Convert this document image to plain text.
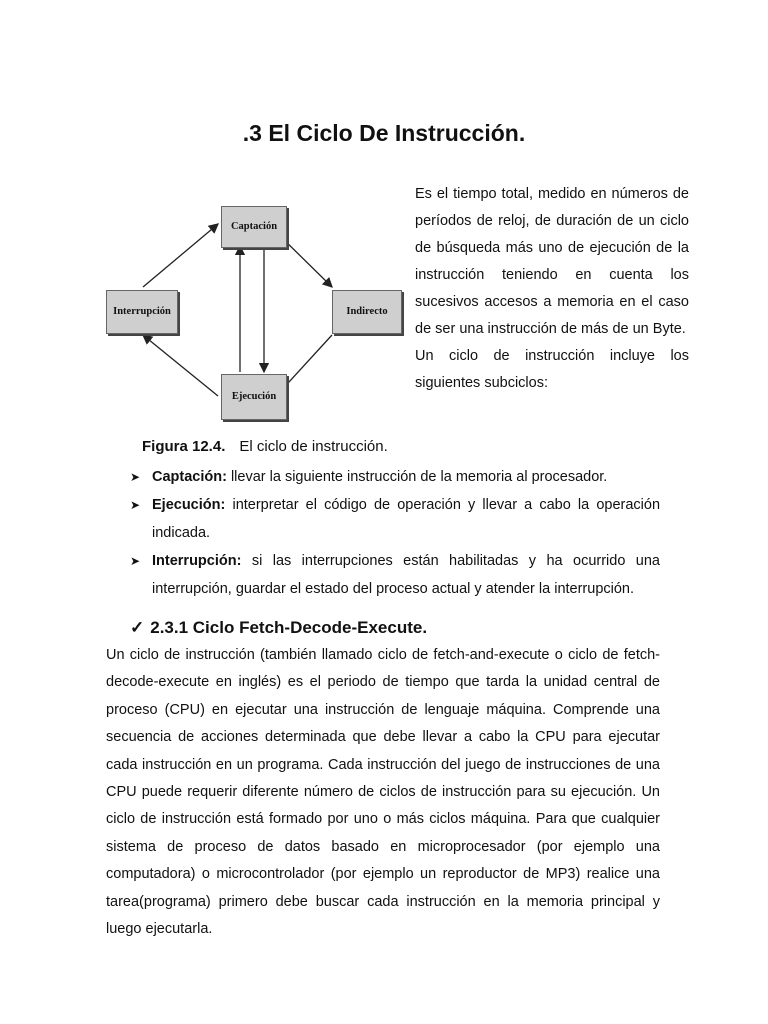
.3 El Ciclo De Instrucción.
Captación
Interrupción	Indirecto
Ejecución
Figura 12.4. El ciclo de instrucción.

Es el tiempo total, medido en números de períodos de reloj, de duración de un ciclo de búsqueda más uno de ejecución de la instrucción teniendo en cuenta los sucesivos accesos a memoria en el caso de ser una instrucción de más de un Byte.

Un ciclo de instrucción incluye los siguientes subciclos:

➤ Captación: llevar la siguiente instrucción de la memoria al procesador.
➤ Ejecución: interpretar el código de operación y llevar a cabo la operación indicada.
➤ Interrupción: si las interrupciones están habilitadas y ha ocurrido una interrupción, guardar el estado del proceso actual y atender la interrupción.
✓ 2.3.1 Ciclo Fetch-Decode-Execute.

Un ciclo de instrucción (también llamado ciclo de fetch-and-execute o ciclo de fetch-decode-execute en inglés) es el periodo de tiempo que tarda la unidad central de proceso (CPU) en ejecutar una instrucción de lenguaje máquina. Comprende una secuencia de acciones determinada que debe llevar a cabo la CPU para ejecutar cada instrucción en un programa. Cada instrucción del juego de instrucciones de una CPU puede requerir diferente número de ciclos de instrucción para su ejecución. Un ciclo de instrucción está formado por uno o más ciclos máquina. Para que cualquier sistema de proceso de datos basado en microprocesador (por ejemplo una computadora) o microcontrolador (por ejemplo un reproductor de MP3) realice una tarea(programa) primero debe buscar cada instrucción en la memoria principal y luego ejecutarla.
